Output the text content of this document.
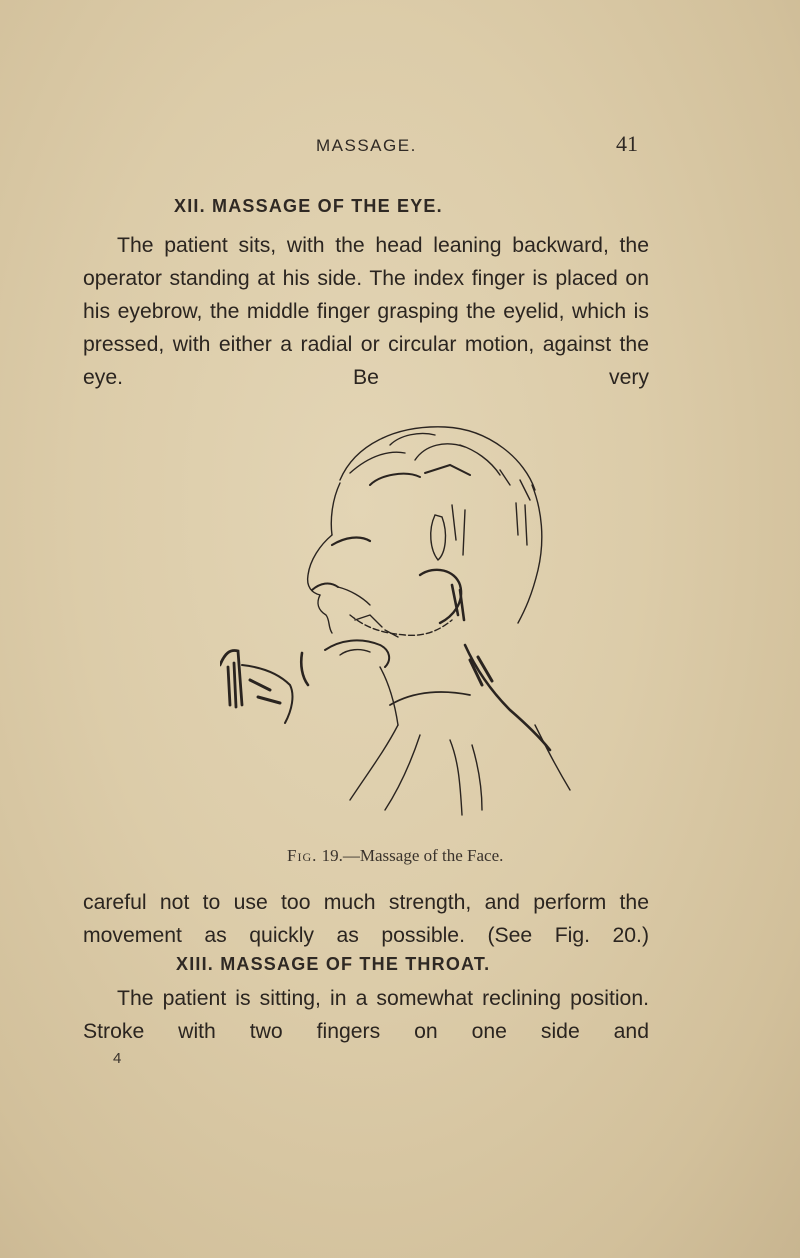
MASSAGE.	41
XII. MASSAGE OF THE EYE.

The patient sits, with the head leaning backward, the operator standing at his side. The index finger is placed on his eyebrow, the middle finger grasping the eyelid, which is pressed, with either a radial or circular motion, against the eye. Be very

Fig. 19.—Massage of the Face.

careful not to use too much strength, and perform the movement as quickly as possible. (See Fig. 20.)

XIII. MASSAGE OF THE THROAT.

The patient is sitting, in a somewhat reclining position. Stroke with two fingers on one side and

4
